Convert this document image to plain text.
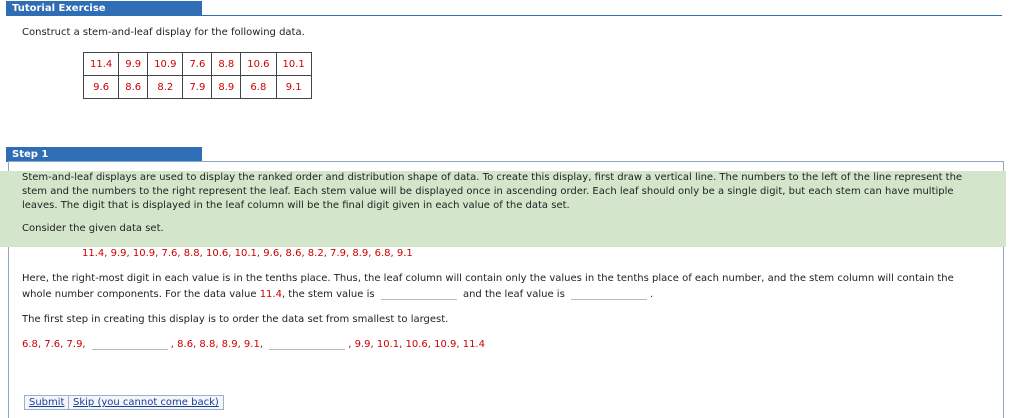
Tutorial Exercise
Construct a stem-and-leaf display for the following data.
11.4	9.9	10.9	7.6	8.8	10.6	10.1
9.6	8.6	8.2	7.9	8.9	6.8	9.1
Step 1
Stem-and-leaf displays are used to display the ranked order and distribution shape of data. To create this display, first draw a vertical line. The numbers to the left of the line represent the stem and the numbers to the right represent the leaf. Each stem value will be displayed once in ascending order. Each leaf should only be a single digit, but each stem can have multiple leaves. The digit that is displayed in the leaf column will be the final digit given in each value of the data set.
Consider the given data set.
11.4, 9.9, 10.9, 7.6, 8.8, 10.6, 10.1, 9.6, 8.6, 8.2, 7.9, 8.9, 6.8, 9.1
Here, the right-most digit in each value is in the tenths place. Thus, the leaf column will contain only the values in the tenths place of each number, and the stem column will contain the
whole number components. For the data value 11.4, the stem value is	and the leaf value is	.
The first step in creating this display is to order the data set from smallest to largest.
6.8, 7.6, 7.9,	, 8.6, 8.8, 8.9, 9.1,	, 9.9, 10.1, 10.6, 10.9, 11.4
Submit Skip (you cannot come back)
